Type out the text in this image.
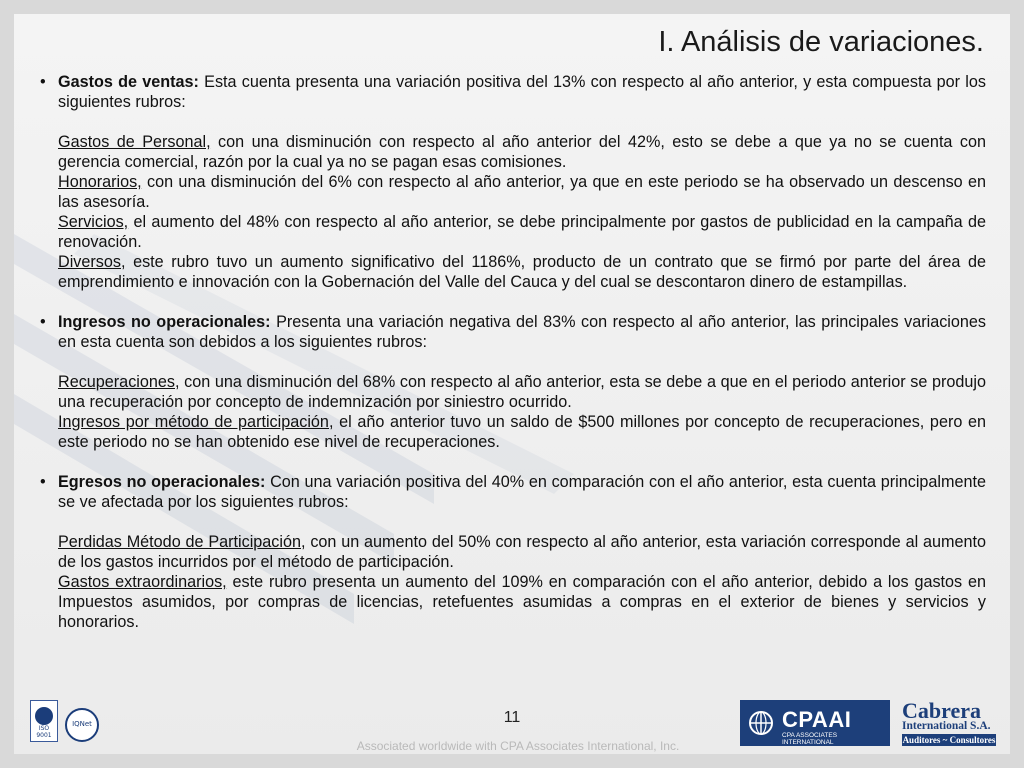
I. Análisis de variaciones.

• Gastos de ventas: Esta cuenta presenta una variación positiva del 13% con respecto al año anterior, y esta compuesta por los siguientes rubros:

Gastos de Personal, con una disminución con respecto al año anterior del 42%, esto se debe a que ya no se cuenta con gerencia comercial, razón por la cual ya no se pagan esas comisiones.

Honorarios, con una disminución del 6% con respecto al año anterior, ya que en este periodo se ha observado un descenso en las asesoría.

Servicios, el aumento del 48% con respecto al año anterior, se debe principalmente por gastos de publicidad en la campaña de renovación.

Diversos, este rubro tuvo un aumento significativo del 1186%, producto de un contrato que se firmó por parte del área de emprendimiento e innovación con la Gobernación del Valle del Cauca y del cual se descontaron dinero de estampillas.

• Ingresos no operacionales: Presenta una variación negativa del 83% con respecto al año anterior, las principales variaciones en esta cuenta son debidos a los siguientes rubros:

Recuperaciones, con una disminución del 68% con respecto al año anterior, esta se debe a que en el periodo anterior se produjo una recuperación por concepto de indemnización por siniestro ocurrido.

Ingresos por método de participación, el año anterior tuvo un saldo de $500 millones por concepto de recuperaciones, pero en este periodo no se han obtenido ese nivel de recuperaciones.

• Egresos no operacionales: Con una variación positiva del 40% en comparación con el año anterior, esta cuenta principalmente se ve afectada por los siguientes rubros:

Perdidas Método de Participación, con un aumento del 50% con respecto al año anterior, esta variación corresponde al aumento de los gastos incurridos por el método de participación.

Gastos extraordinarios, este rubro presenta un aumento del 109% en comparación con el año anterior, debido a los gastos en Impuestos asumidos, por compras de licencias, retefuentes asumidas a compras en el exterior de bienes y servicios y honorarios.

ISO 9001
IQNet	11
Associated worldwide with CPA Associates International, Inc.
CPAAI
CPA ASSOCIATES INTERNATIONAL
Cabrera
International S.A.
Auditores ~ Consultores
